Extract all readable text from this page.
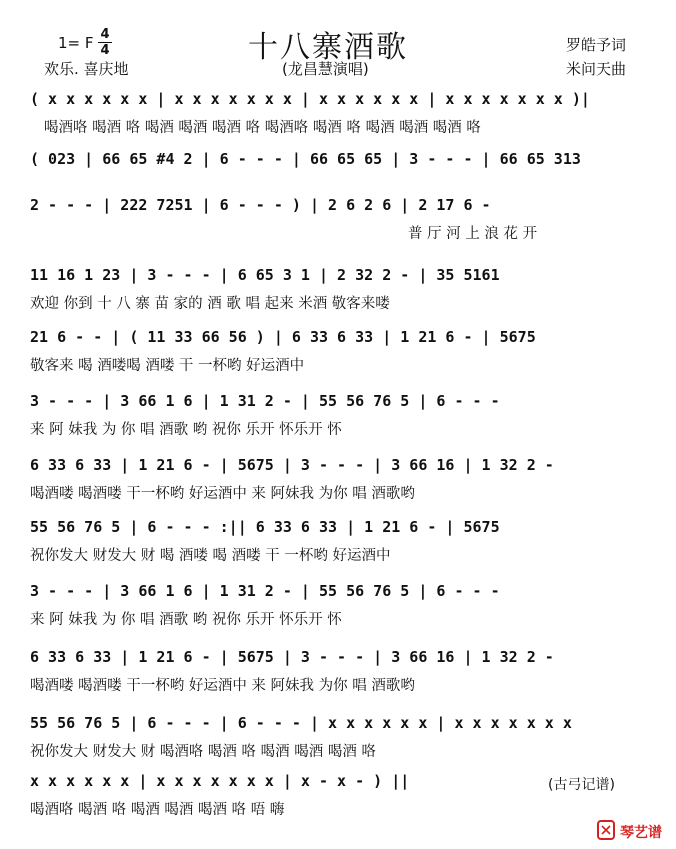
1= F 4
4	十八寨酒歌
欢乐. 喜庆地	(龙昌慧演唱)
罗皓予词
米问天曲
( x x x x x x | x x x x x x x | x x x x x x | x x x x x x x )|
喝酒咯 喝酒 咯 喝酒 喝酒 喝酒 咯 喝酒咯 喝酒 咯 喝酒 喝酒 喝酒 咯
( 023 | 66 65 #4 2 | 6 - - - | 66 65 65 | 3 - - - | 66 65 313
2 - - - | 222 7251 | 6 - - - ) | 2 6 2 6 | 2 17 6 -
普 厅 河 上 浪 花 开
11 16 1 23 | 3 - - - | 6 65 3 1 | 2 32 2 - | 35 5161
欢迎 你到 十 八 寨 苗 家的 酒 歌 唱 起来 米酒 敬客来喽
21 6 - - | ( 11 33 66 56 ) | 6 33 6 33 | 1 21 6 - | 5675
敬客来 喝 酒喽喝 酒喽 干 一杯哟 好运酒中
3 - - - | 3 66 1 6 | 1 31 2 - | 55 56 76 5 | 6 - - -
来 阿 妹我 为 你 唱 酒歌 哟 祝你 乐开 怀乐开 怀
6 33 6 33 | 1 21 6 - | 5675 | 3 - - - | 3 66 16 | 1 32 2 -
喝酒喽 喝酒喽 干一杯哟 好运酒中 来 阿妹我 为你 唱 酒歌哟
55 56 76 5 | 6 - - - :|| 6 33 6 33 | 1 21 6 - | 5675
祝你发大 财发大 财 喝 酒喽 喝 酒喽 干 一杯哟 好运酒中
3 - - - | 3 66 1 6 | 1 31 2 - | 55 56 76 5 | 6 - - -
来 阿 妹我 为 你 唱 酒歌 哟 祝你 乐开 怀乐开 怀
6 33 6 33 | 1 21 6 - | 5675 | 3 - - - | 3 66 16 | 1 32 2 -
喝酒喽 喝酒喽 干一杯哟 好运酒中 来 阿妹我 为你 唱 酒歌哟
55 56 76 5 | 6 - - - | 6 - - - | x x x x x x | x x x x x x x
祝你发大 财发大 财 喝酒咯 喝酒 咯 喝酒 喝酒 喝酒 咯
x x x x x x | x x x x x x x | x - x - ) ||
喝酒咯 喝酒 咯 喝酒 喝酒 喝酒 咯 唔 嗨
(古弓记谱)
琴艺谱
